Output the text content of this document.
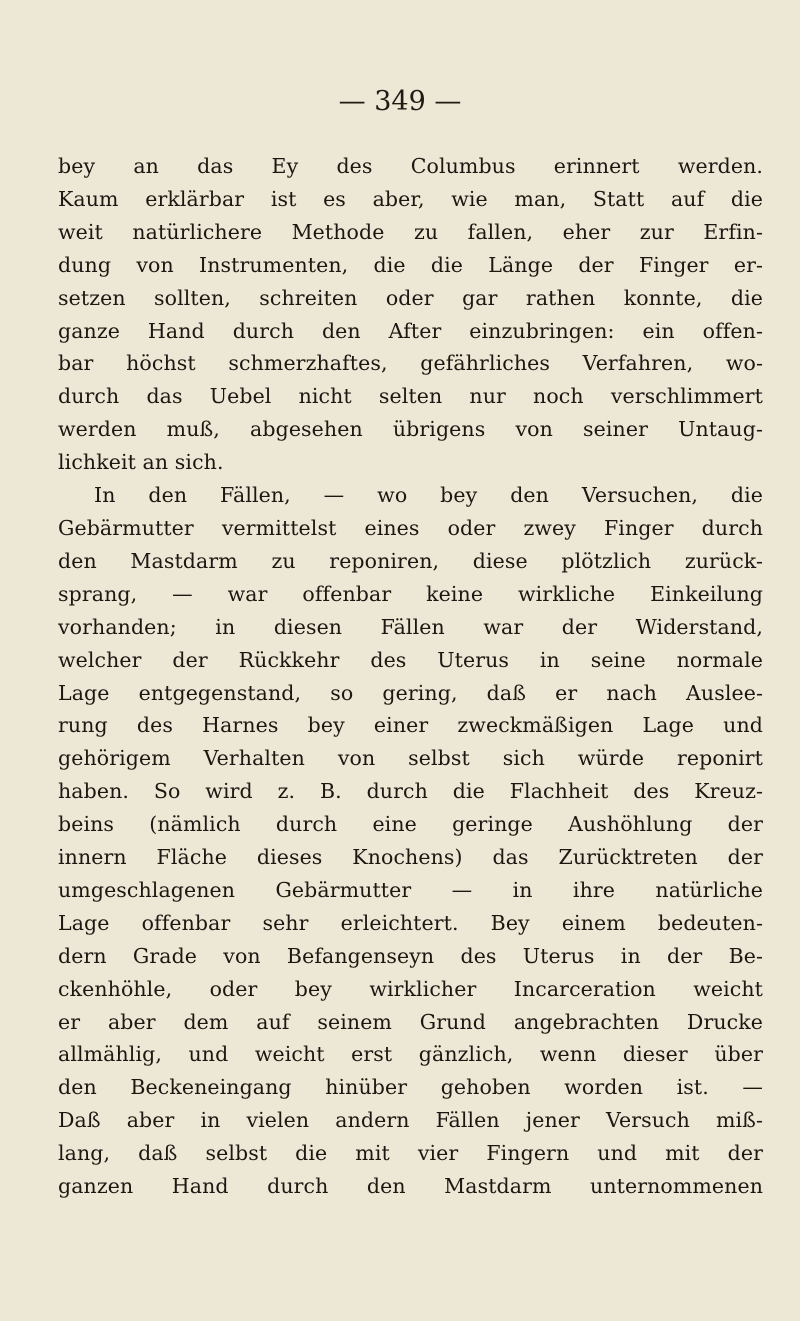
— 349 —
bey an das Ey des Columbus erinnert werden.
Kaum erklärbar ist es aber, wie man, Statt auf die
weit natürlichere Methode zu fallen, eher zur Erfin-
dung von Instrumenten, die die Länge der Finger er-
setzen sollten, schreiten oder gar rathen konnte, die
ganze Hand durch den After einzubringen: ein offen-
bar höchst schmerzhaftes, gefährliches Verfahren, wo-
durch das Uebel nicht selten nur noch verschlimmert
werden muß, abgesehen übrigens von seiner Untaug-
lichkeit an sich.
In den Fällen, — wo bey den Versuchen, die
Gebärmutter vermittelst eines oder zwey Finger durch
den Mastdarm zu reponiren, diese plötzlich zurück-
sprang, — war offenbar keine wirkliche Einkeilung
vorhanden; in diesen Fällen war der Widerstand,
welcher der Rückkehr des Uterus in seine normale
Lage entgegenstand, so gering, daß er nach Auslee-
rung des Harnes bey einer zweckmäßigen Lage und
gehörigem Verhalten von selbst sich würde reponirt
haben. So wird z. B. durch die Flachheit des Kreuz-
beins (nämlich durch eine geringe Aushöhlung der
innern Fläche dieses Knochens) das Zurücktreten der
umgeschlagenen Gebärmutter — in ihre natürliche
Lage offenbar sehr erleichtert. Bey einem bedeuten-
dern Grade von Befangenseyn des Uterus in der Be-
ckenhöhle, oder bey wirklicher Incarceration weicht
er aber dem auf seinem Grund angebrachten Drucke
allmählig, und weicht erst gänzlich, wenn dieser über
den Beckeneingang hinüber gehoben worden ist. —
Daß aber in vielen andern Fällen jener Versuch miß-
lang, daß selbst die mit vier Fingern und mit der
ganzen Hand durch den Mastdarm unternommenen
